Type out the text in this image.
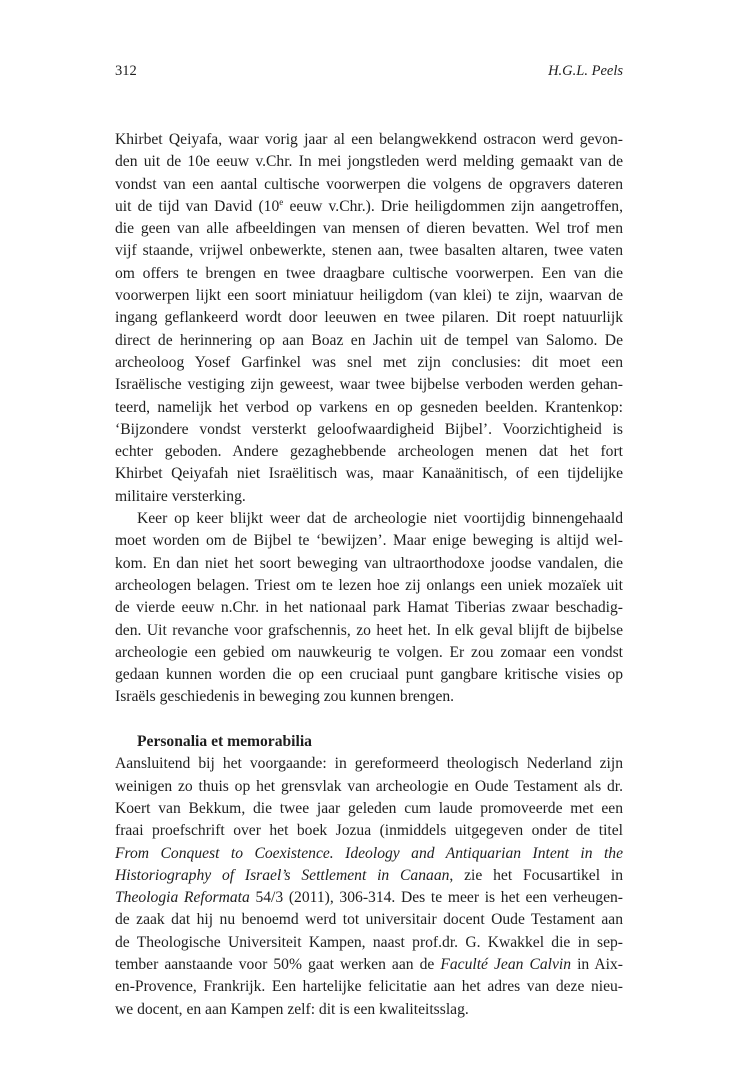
312	H.G.L. Peels
Khirbet Qeiyafa, waar vorig jaar al een belangwekkend ostracon werd gevon-
den uit de 10e eeuw v.Chr. In mei jongstleden werd melding gemaakt van de
vondst van een aantal cultische voorwerpen die volgens de opgravers dateren
uit de tijd van David (10e eeuw v.Chr.). Drie heiligdommen zijn aangetroffen,
die geen van alle afbeeldingen van mensen of dieren bevatten. Wel trof men
vijf staande, vrijwel onbewerkte, stenen aan, twee basalten altaren, twee vaten
om offers te brengen en twee draagbare cultische voorwerpen. Een van die
voorwerpen lijkt een soort miniatuur heiligdom (van klei) te zijn, waarvan de
ingang geflankeerd wordt door leeuwen en twee pilaren. Dit roept natuurlijk
direct de herinnering op aan Boaz en Jachin uit de tempel van Salomo. De
archeoloog Yosef Garfinkel was snel met zijn conclusies: dit moet een
Israëlische vestiging zijn geweest, waar twee bijbelse verboden werden gehan-
teerd, namelijk het verbod op varkens en op gesneden beelden. Krantenkop:
‘Bijzondere vondst versterkt geloofwaardigheid Bijbel’. Voorzichtigheid is
echter geboden. Andere gezaghebbende archeologen menen dat het fort
Khirbet Qeiyafah niet Israëlitisch was, maar Kanaänitisch, of een tijdelijke
militaire versterking.
Keer op keer blijkt weer dat de archeologie niet voortijdig binnengehaald
moet worden om de Bijbel te ‘bewijzen’. Maar enige beweging is altijd wel-
kom. En dan niet het soort beweging van ultraorthodoxe joodse vandalen, die
archeologen belagen. Triest om te lezen hoe zij onlangs een uniek mozaïek uit
de vierde eeuw n.Chr. in het nationaal park Hamat Tiberias zwaar beschadig-
den. Uit revanche voor grafschennis, zo heet het. In elk geval blijft de bijbelse
archeologie een gebied om nauwkeurig te volgen. Er zou zomaar een vondst
gedaan kunnen worden die op een cruciaal punt gangbare kritische visies op
Israëls geschiedenis in beweging zou kunnen brengen.
Personalia et memorabilia
Aansluitend bij het voorgaande: in gereformeerd theologisch Nederland zijn
weinigen zo thuis op het grensvlak van archeologie en Oude Testament als dr.
Koert van Bekkum, die twee jaar geleden cum laude promoveerde met een
fraai proefschrift over het boek Jozua (inmiddels uitgegeven onder de titel
From Conquest to Coexistence. Ideology and Antiquarian Intent in the
Historiography of Israel’s Settlement in Canaan, zie het Focusartikel in
Theologia Reformata 54/3 (2011), 306-314. Des te meer is het een verheugen-
de zaak dat hij nu benoemd werd tot universitair docent Oude Testament aan
de Theologische Universiteit Kampen, naast prof.dr. G. Kwakkel die in sep-
tember aanstaande voor 50% gaat werken aan de Faculté Jean Calvin in Aix-
en-Provence, Frankrijk. Een hartelijke felicitatie aan het adres van deze nieu-
we docent, en aan Kampen zelf: dit is een kwaliteitsslag.
